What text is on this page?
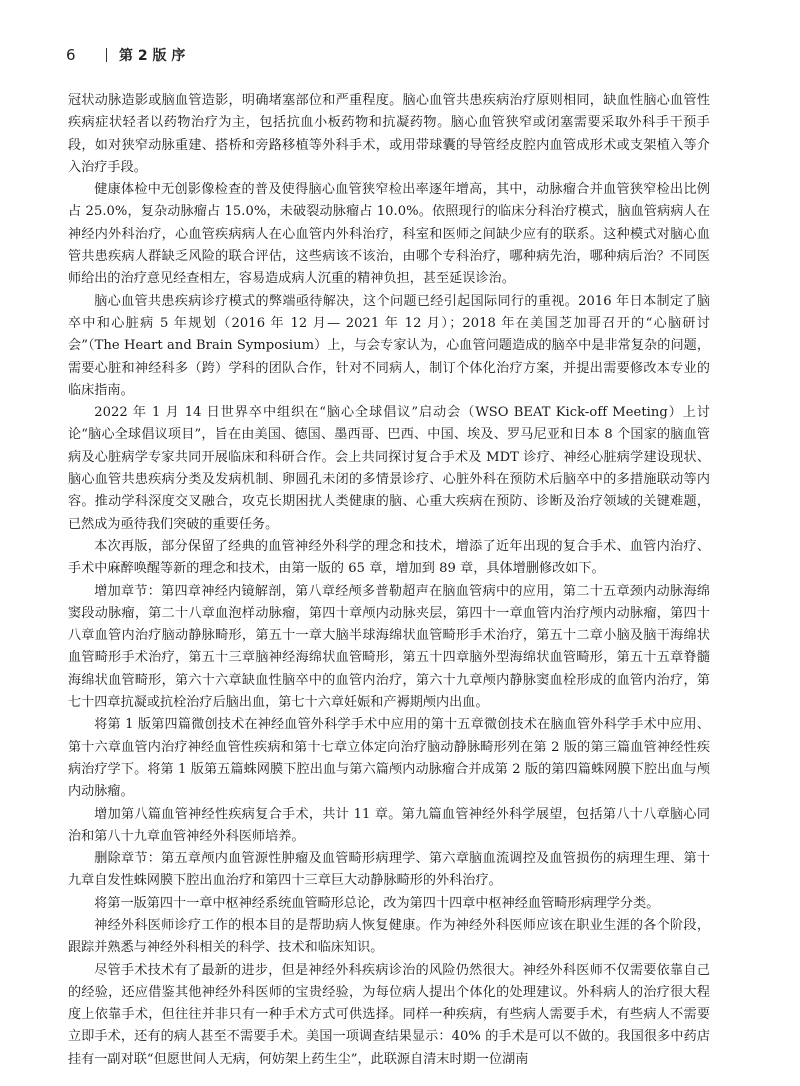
6	第 2 版 序

冠状动脉造影或脑血管造影，明确堵塞部位和严重程度。脑心血管共患疾病治疗原则相同，缺血性脑心血管性疾病症状轻者以药物治疗为主，包括抗血小板药物和抗凝药物。脑心血管狭窄或闭塞需要采取外科手干预手段，如对狭窄动脉重建、搭桥和旁路移植等外科手术，或用带球囊的导管经皮腔内血管成形术或支架植入等介入治疗手段。

健康体检中无创影像检查的普及使得脑心血管狭窄检出率逐年增高，其中，动脉瘤合并血管狭窄检出比例占 25.0%，复杂动脉瘤占 15.0%，未破裂动脉瘤占 10.0%。依照现行的临床分科治疗模式，脑血管病病人在神经内外科治疗，心血管疾病病人在心血管内外科治疗，科室和医师之间缺少应有的联系。这种模式对脑心血管共患疾病人群缺乏风险的联合评估，这些病该不该治，由哪个专科治疗，哪种病先治，哪种病后治？不同医师给出的治疗意见经查相左，容易造成病人沉重的精神负担，甚至延误诊治。

脑心血管共患疾病诊疗模式的弊端亟待解决，这个问题已经引起国际同行的重视。2016 年日本制定了脑卒中和心脏病 5 年规划（2016 年 12 月— 2021 年 12 月）；2018 年在美国芝加哥召开的“心脑研讨会”（The Heart and Brain Symposium）上，与会专家认为，心血管问题造成的脑卒中是非常复杂的问题，需要心脏和神经科多（跨）学科的团队合作，针对不同病人，制订个体化治疗方案，并提出需要修改本专业的临床指南。

2022 年 1 月 14 日世界卒中组织在“脑心全球倡议”启动会（WSO BEAT Kick-off Meeting）上讨论“脑心全球倡议项目”，旨在由美国、德国、墨西哥、巴西、中国、埃及、罗马尼亚和日本 8 个国家的脑血管病及心脏病学专家共同开展临床和科研合作。会上共同探讨复合手术及 MDT 诊疗、神经心脏病学建设现状、脑心血管共患疾病分类及发病机制、卵圆孔未闭的多情景诊疗、心脏外科在预防术后脑卒中的多措施联动等内容。推动学科深度交叉融合，攻克长期困扰人类健康的脑、心重大疾病在预防、诊断及治疗领域的关键难题，已然成为亟待我们突破的重要任务。

本次再版，部分保留了经典的血管神经外科学的理念和技术，增添了近年出现的复合手术、血管内治疗、手术中麻醉唤醒等新的理念和技术，由第一版的 65 章，增加到 89 章，具体增删修改如下。

增加章节：第四章神经内镜解剖，第八章经颅多普勒超声在脑血管病中的应用，第二十五章颈内动脉海绵窦段动脉瘤，第二十八章血泡样动脉瘤，第四十章颅内动脉夹层，第四十一章血管内治疗颅内动脉瘤，第四十八章血管内治疗脑动静脉畸形，第五十一章大脑半球海绵状血管畸形手术治疗，第五十二章小脑及脑干海绵状血管畸形手术治疗，第五十三章脑神经海绵状血管畸形，第五十四章脑外型海绵状血管畸形，第五十五章脊髓海绵状血管畸形，第六十六章缺血性脑卒中的血管内治疗，第六十九章颅内静脉窦血栓形成的血管内治疗，第七十四章抗凝或抗栓治疗后脑出血，第七十六章妊娠和产褥期颅内出血。

将第 1 版第四篇微创技术在神经血管外科学手术中应用的第十五章微创技术在脑血管外科学手术中应用、第十六章血管内治疗神经血管性疾病和第十七章立体定向治疗脑动静脉畸形列在第 2 版的第三篇血管神经性疾病治疗学下。将第 1 版第五篇蛛网膜下腔出血与第六篇颅内动脉瘤合并成第 2 版的第四篇蛛网膜下腔出血与颅内动脉瘤。

增加第八篇血管神经性疾病复合手术，共计 11 章。第九篇血管神经外科学展望，包括第八十八章脑心同治和第八十九章血管神经外科医师培养。

删除章节：第五章颅内血管源性肿瘤及血管畸形病理学、第六章脑血流调控及血管损伤的病理生理、第十九章自发性蛛网膜下腔出血治疗和第四十三章巨大动静脉畸形的外科治疗。

将第一版第四十一章中枢神经系统血管畸形总论，改为第四十四章中枢神经血管畸形病理学分类。

神经外科医师诊疗工作的根本目的是帮助病人恢复健康。作为神经外科医师应该在职业生涯的各个阶段，跟踪并熟悉与神经外科相关的科学、技术和临床知识。

尽管手术技术有了最新的进步，但是神经外科疾病诊治的风险仍然很大。神经外科医师不仅需要依靠自己的经验，还应借鉴其他神经外科医师的宝贵经验，为每位病人提出个体化的处理建议。外科病人的治疗很大程度上依靠手术，但往往并非只有一种手术方式可供选择。同样一种疾病，有些病人需要手术，有些病人不需要立即手术，还有的病人甚至不需要手术。美国一项调查结果显示：40% 的手术是可以不做的。我国很多中药店挂有一副对联“但愿世间人无病，何妨架上药生尘”，此联源自清末时期一位湖南
